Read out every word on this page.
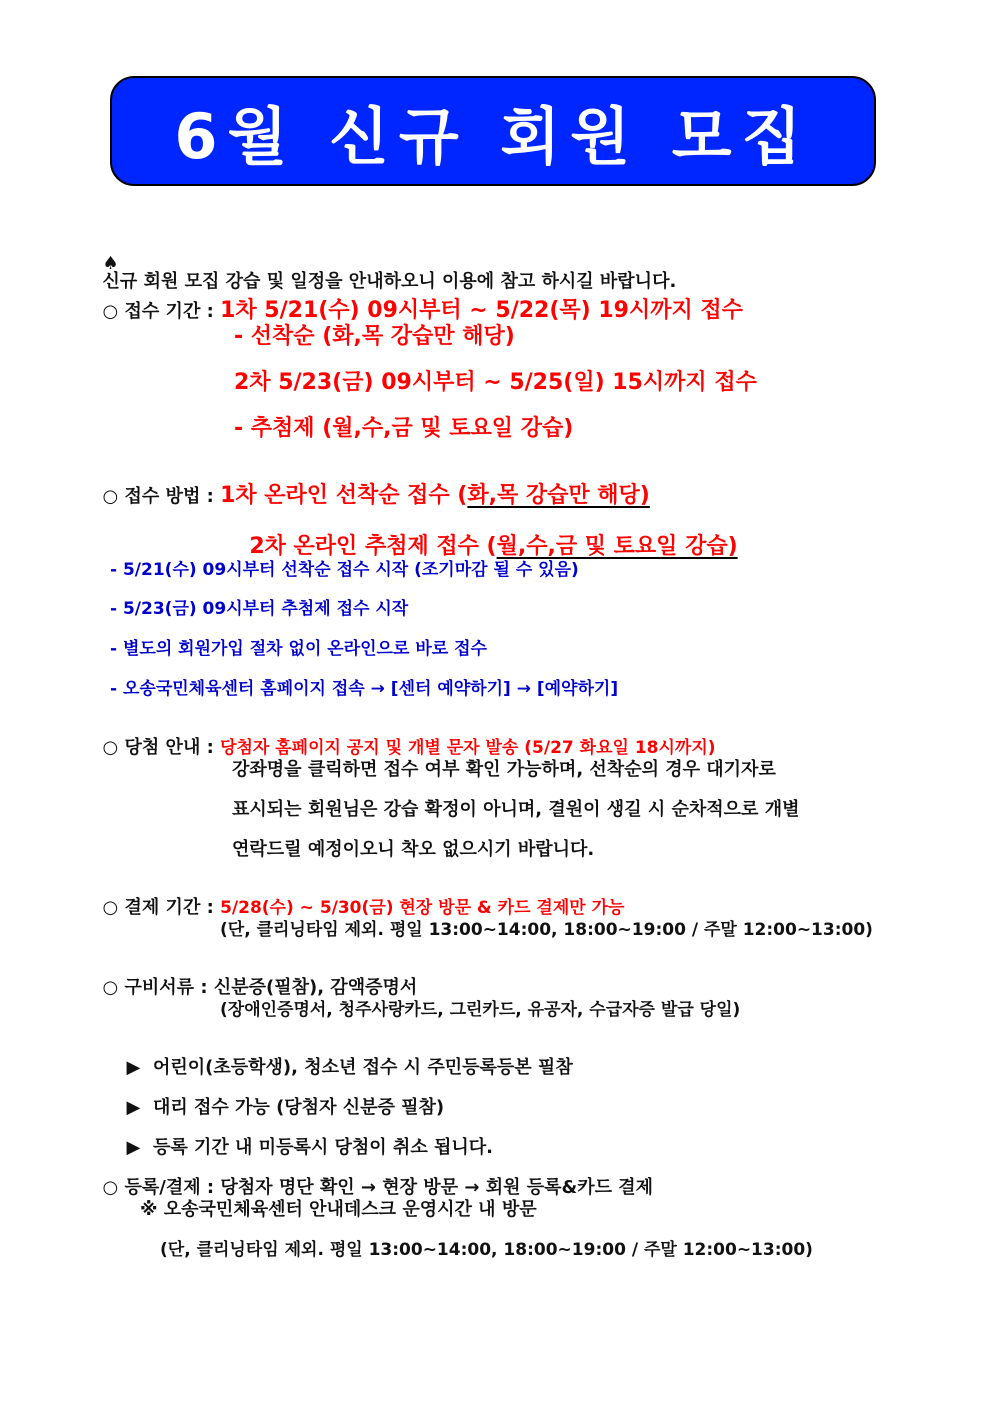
6월 신규 회원 모집

♠
신규 회원 모집 강습 및 일정을 안내하오니 이용에 참고 하시길 바랍니다.

○ 접수 기간 : 1차 5/21(수) 09시부터 ~ 5/22(목) 19시까지 접수

- 선착순 (화,목 강습만 해당)
2차 5/23(금) 09시부터 ~ 5/25(일) 15시까지 접수
- 추첨제 (월,수,금 및 토요일 강습)

○ 접수 방법 : 1차 온라인 선착순 접수 (화,목 강습만 해당)

2차 온라인 추첨제 접수 (월,수,금 및 토요일 강습)

- 5/21(수) 09시부터 선착순 접수 시작 (조기마감 될 수 있음)
- 5/23(금) 09시부터 추첨제 접수 시작
- 별도의 회원가입 절차 없이 온라인으로 바로 접수
- 오송국민체육센터 홈페이지 접속 → [센터 예약하기] → [예약하기]

○ 당첨 안내 : 당첨자 홈페이지 공지 및 개별 문자 발송 (5/27 화요일 18시까지)

강좌명을 클릭하면 접수 여부 확인 가능하며, 선착순의 경우 대기자로
표시되는 회원님은 강습 확정이 아니며, 결원이 생길 시 순차적으로 개별
연락드릴 예정이오니 착오 없으시기 바랍니다.

○ 결제 기간 : 5/28(수) ~ 5/30(금) 현장 방문 & 카드 결제만 가능

(단, 클리닝타임 제외. 평일 13:00~14:00, 18:00~19:00 / 주말 12:00~13:00)

○ 구비서류 : 신분증(필참), 감액증명서

(장애인증명서, 청주사랑카드, 그린카드, 유공자, 수급자증 발급 당일)

▶ 어린이(초등학생), 청소년 접수 시 주민등록등본 필참

▶ 대리 접수 가능 (당첨자 신분증 필참)

▶ 등록 기간 내 미등록시 당첨이 취소 됩니다.

○ 등록/결제 : 당첨자 명단 확인 → 현장 방문 → 회원 등록&카드 결제

※ 오송국민체육센터 안내데스크 운영시간 내 방문
(단, 클리닝타임 제외. 평일 13:00~14:00, 18:00~19:00 / 주말 12:00~13:00)
